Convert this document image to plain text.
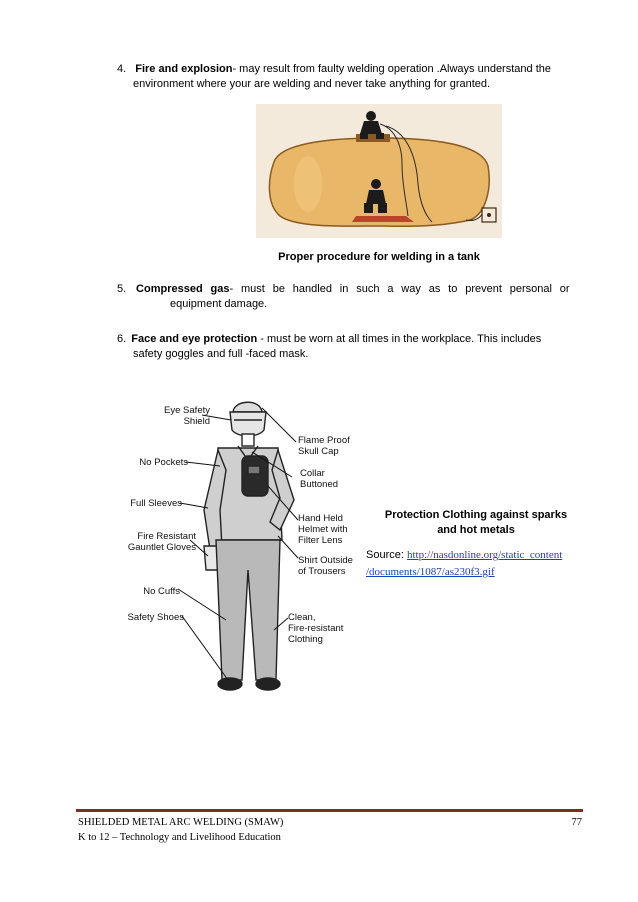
4. Fire and explosion- may result from faulty welding operation .Always understand the
environment where your are welding and never take anything for granted.
Proper procedure for welding in a tank
5. Compressed gas- must be handled in such a way as to prevent personal or
equipment damage.
6. Face and eye protection - must be worn at all times in the workplace. This includes
safety goggles and full -faced mask.
Eye Safety
Shield
No Pockets
Full Sleeves
Fire Resistant
Gauntlet Gloves
No Cuffs
Safety Shoes
Flame Proof
Skull Cap
Collar
Buttoned
Hand Held
Helmet with
Filter Lens
Shirt Outside
of Trousers
Clean,
Fire-resistant
Clothing
Protection Clothing against sparks
and hot metals
Source: http://nasdonline.org/static_content
/documents/1087/as230f3.gif
SHIELDED METAL ARC WELDING (SMAW)
K to 12 – Technology and Livelihood Education
77
